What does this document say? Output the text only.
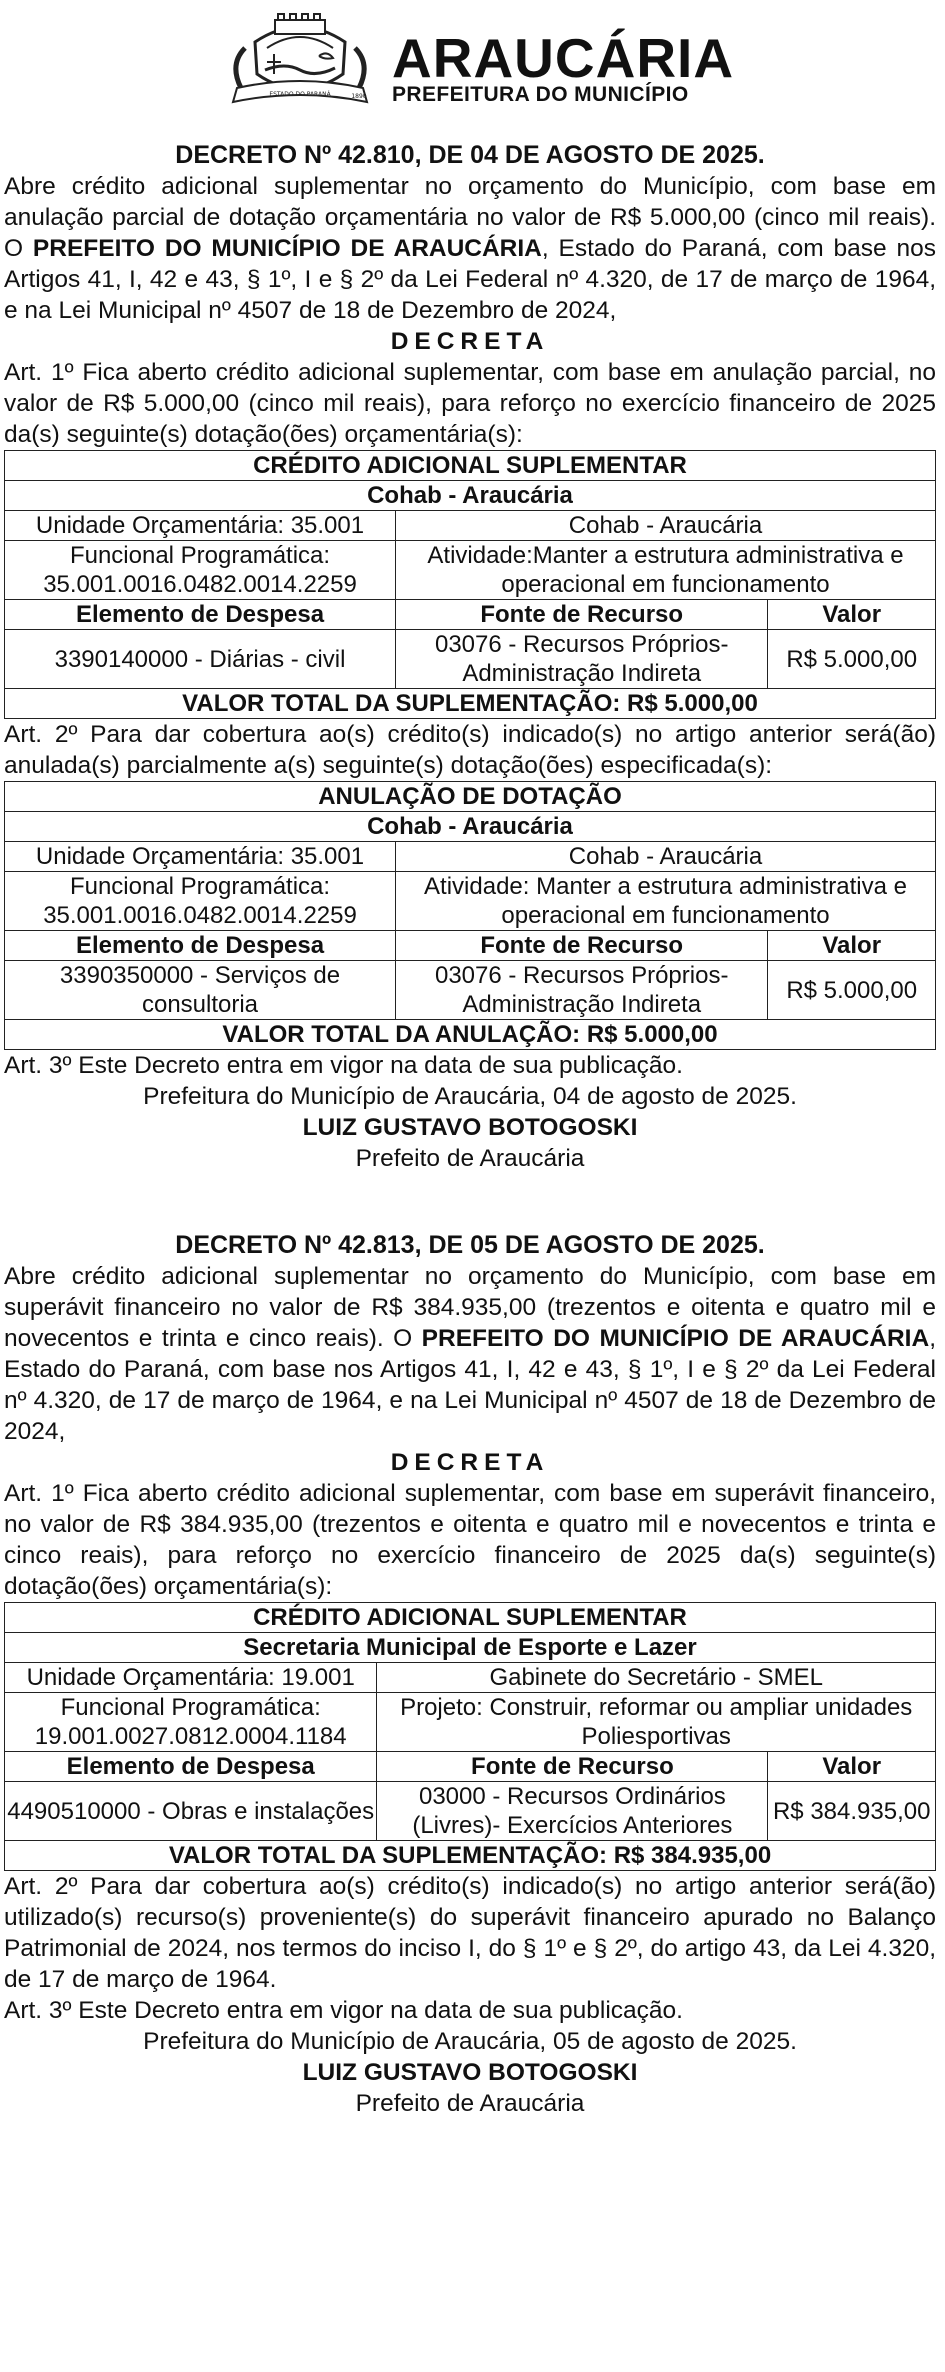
ESTADO DO PARANÁ	1890
ARAUCÁRIA
PREFEITURA DO MUNICÍPIO
DECRETO Nº 42.810, DE 04 DE AGOSTO DE 2025.
Abre crédito adicional suplementar no orçamento do Município, com base em anulação parcial de dotação orçamentária no valor de R$ 5.000,00 (cinco mil reais). O PREFEITO DO MUNICÍPIO DE ARAUCÁRIA, Estado do Paraná, com base nos Artigos 41, I, 42 e 43, § 1º, I e § 2º da Lei Federal nº 4.320, de 17 de março de 1964, e na Lei Municipal nº 4507 de 18 de Dezembro de 2024,
DECRETA
Art. 1º Fica aberto crédito adicional suplementar, com base em anulação parcial, no valor de R$ 5.000,00 (cinco mil reais), para reforço no exercício financeiro de 2025 da(s) seguinte(s) dotação(ões) orçamentária(s):
CRÉDITO ADICIONAL SUPLEMENTAR		
Cohab - Araucária		
Unidade Orçamentária: 35.001	Cohab - Araucária	
Funcional Programática: 35.001.0016.0482.0014.2259	Atividade:Manter a estrutura administrativa e operacional em funcionamento	
Elemento de Despesa	Fonte de Recurso	Valor
3390140000 - Diárias - civil	03076 - Recursos Próprios- Administração Indireta	R$ 5.000,00
VALOR TOTAL DA SUPLEMENTAÇÃO: R$ 5.000,00		
Art. 2º Para dar cobertura ao(s) crédito(s) indicado(s) no artigo anterior será(ão) anulada(s) parcialmente a(s) seguinte(s) dotação(ões) especificada(s):
ANULAÇÃO DE DOTAÇÃO		
Cohab - Araucária		
Unidade Orçamentária: 35.001	Cohab - Araucária	
Funcional Programática: 35.001.0016.0482.0014.2259	Atividade: Manter a estrutura administrativa e operacional em funcionamento	
Elemento de Despesa	Fonte de Recurso	Valor
3390350000 - Serviços de consultoria	03076 - Recursos Próprios- Administração Indireta	R$ 5.000,00
VALOR TOTAL DA ANULAÇÃO: R$ 5.000,00		
Art. 3º Este Decreto entra em vigor na data de sua publicação.
Prefeitura do Município de Araucária, 04 de agosto de 2025.
LUIZ GUSTAVO BOTOGOSKI
Prefeito de Araucária
DECRETO Nº 42.813, DE 05 DE AGOSTO DE 2025.
Abre crédito adicional suplementar no orçamento do Município, com base em superávit financeiro no valor de R$ 384.935,00 (trezentos e oitenta e quatro mil e novecentos e trinta e cinco reais). O PREFEITO DO MUNICÍPIO DE ARAUCÁRIA, Estado do Paraná, com base nos Artigos 41, I, 42 e 43, § 1º, I e § 2º da Lei Federal nº 4.320, de 17 de março de 1964, e na Lei Municipal nº 4507 de 18 de Dezembro de 2024,
DECRETA
Art. 1º Fica aberto crédito adicional suplementar, com base em superávit financeiro, no valor de R$ 384.935,00 (trezentos e oitenta e quatro mil e novecentos e trinta e cinco reais), para reforço no exercício financeiro de 2025 da(s) seguinte(s) dotação(ões) orçamentária(s):
CRÉDITO ADICIONAL SUPLEMENTAR		
Secretaria Municipal de Esporte e Lazer		
Unidade Orçamentária: 19.001	Gabinete do Secretário - SMEL	
Funcional Programática: 19.001.0027.0812.0004.1184	Projeto: Construir, reformar ou ampliar unidades Poliesportivas	
Elemento de Despesa	Fonte de Recurso	Valor
4490510000 - Obras e instalações	03000 - Recursos Ordinários (Livres)- Exercícios Anteriores	R$ 384.935,00
VALOR TOTAL DA SUPLEMENTAÇÃO: R$ 384.935,00		
Art. 2º Para dar cobertura ao(s) crédito(s) indicado(s) no artigo anterior será(ão) utilizado(s) recurso(s) proveniente(s) do superávit financeiro apurado no Balanço Patrimonial de 2024, nos termos do inciso I, do § 1º e § 2º, do artigo 43, da Lei 4.320, de 17 de março de 1964.
Art. 3º Este Decreto entra em vigor na data de sua publicação.
Prefeitura do Município de Araucária, 05 de agosto de 2025.
LUIZ GUSTAVO BOTOGOSKI
Prefeito de Araucária
